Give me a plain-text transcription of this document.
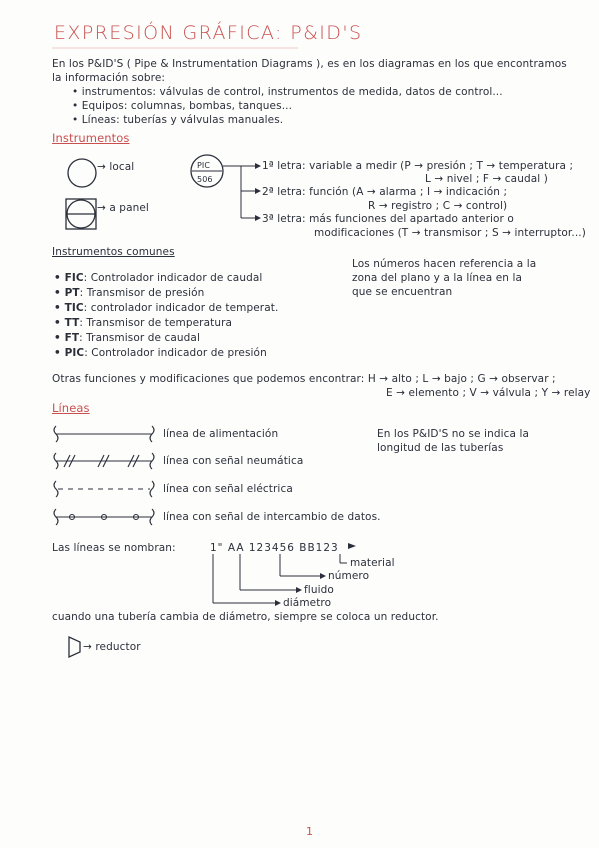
EXPRESIÓN GRÁFICA: P&ID'S
En los P&ID'S ( Pipe & Instrumentation Diagrams ), es en los diagramas en los que encontramos
la información sobre:
• instrumentos: válvulas de control, instrumentos de medida, datos de control...
• Equipos: columnas, bombas, tanques...
• Líneas: tuberías y válvulas manuales.
Instrumentos
→ local
→ a panel
PIC
506
1ª letra: variable a medir (P → presión ; T → temperatura ;
L → nivel ; F → caudal )
2ª letra: función (A → alarma ; I → indicación ;
R → registro ; C → control)
3ª letra: más funciones del apartado anterior o
modificaciones (T → transmisor ; S → interruptor...)
Instrumentos comunes
• FIC: Controlador indicador de caudal
• PT: Transmisor de presión
• TIC: controlador indicador de temperat.
• TT: Transmisor de temperatura
• FT: Transmisor de caudal
• PIC: Controlador indicador de presión
Los números hacen referencia a la
zona del plano y a la línea en la
que se encuentran
Otras funciones y modificaciones que podemos encontrar: H → alto ; L → bajo ; G → observar ;
E → elemento ; V → válvula ; Y → relay
Líneas
línea de alimentación
línea con señal neumática
línea con señal eléctrica
línea con señal de intercambio de datos.
En los P&ID'S no se indica la
longitud de las tuberías
Las líneas se nombran:	1" AA 123456 BB123
material
número
fluido
diámetro
cuando una tubería cambia de diámetro, siempre se coloca un reductor.
→ reductor
1
